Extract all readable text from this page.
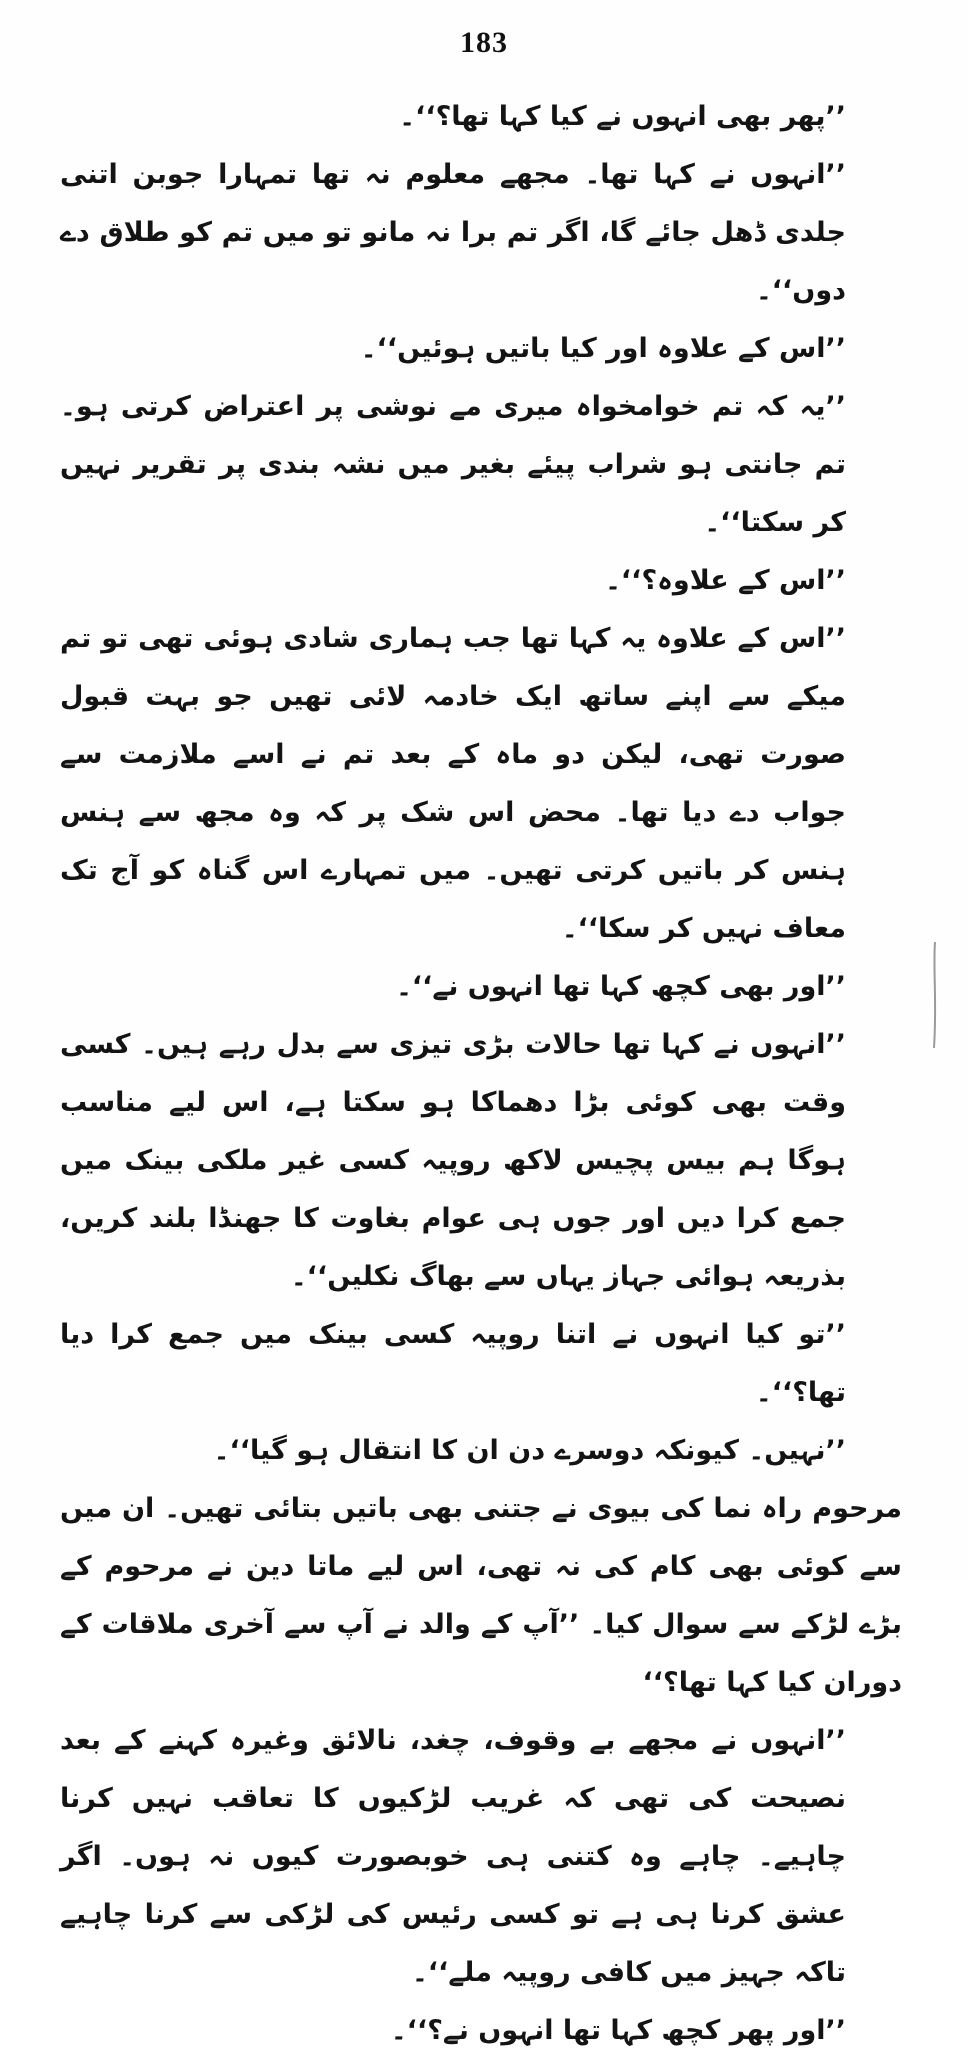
183

’’پھر بھی انہوں نے کیا کہا تھا؟‘‘۔

’’انہوں نے کہا تھا۔ مجھے معلوم نہ تھا تمہارا جوبن اتنی جلدی ڈھل جائے گا، اگر تم برا نہ مانو تو میں تم کو طلاق دے دوں‘‘۔

’’اس کے علاوہ اور کیا باتیں ہوئیں‘‘۔

’’یہ کہ تم خوامخواہ میری مے نوشی پر اعتراض کرتی ہو۔ تم جانتی ہو شراب پیئے بغیر میں نشہ بندی پر تقریر نہیں کر سکتا‘‘۔

’’اس کے علاوہ؟‘‘۔

’’اس کے علاوہ یہ کہا تھا جب ہماری شادی ہوئی تھی تو تم میکے سے اپنے ساتھ ایک خادمہ لائی تھیں جو بہت قبول صورت تھی، لیکن دو ماہ کے بعد تم نے اسے ملازمت سے جواب دے دیا تھا۔ محض اس شک پر کہ وہ مجھ سے ہنس ہنس کر باتیں کرتی تھیں۔ میں تمہارے اس گناہ کو آج تک معاف نہیں کر سکا‘‘۔

’’اور بھی کچھ کہا تھا انہوں نے‘‘۔

’’انہوں نے کہا تھا حالات بڑی تیزی سے بدل رہے ہیں۔ کسی وقت بھی کوئی بڑا دھماکا ہو سکتا ہے، اس لیے مناسب ہوگا ہم بیس پچیس لاکھ روپیہ کسی غیر ملکی بینک میں جمع کرا دیں اور جوں ہی عوام بغاوت کا جھنڈا بلند کریں، بذریعہ ہوائی جہاز یہاں سے بھاگ نکلیں‘‘۔

’’تو کیا انہوں نے اتنا روپیہ کسی بینک میں جمع کرا دیا تھا؟‘‘۔

’’نہیں۔ کیونکہ دوسرے دن ان کا انتقال ہو گیا‘‘۔

مرحوم راہ نما کی بیوی نے جتنی بھی باتیں بتائی تھیں۔ ان میں سے کوئی بھی کام کی نہ تھی، اس لیے ماتا دین نے مرحوم کے بڑے لڑکے سے سوال کیا۔ ’’آپ کے والد نے آپ سے آخری ملاقات کے دوران کیا کہا تھا؟‘‘

’’انہوں نے مجھے بے وقوف، چغد، نالائق وغیرہ کہنے کے بعد نصیحت کی تھی کہ غریب لڑکیوں کا تعاقب نہیں کرنا چاہیے۔ چاہے وہ کتنی ہی خوبصورت کیوں نہ ہوں۔ اگر عشق کرنا ہی ہے تو کسی رئیس کی لڑکی سے کرنا چاہیے تاکہ جہیز میں کافی روپیہ ملے‘‘۔

’’اور پھر کچھ کہا تھا انہوں نے؟‘‘۔
